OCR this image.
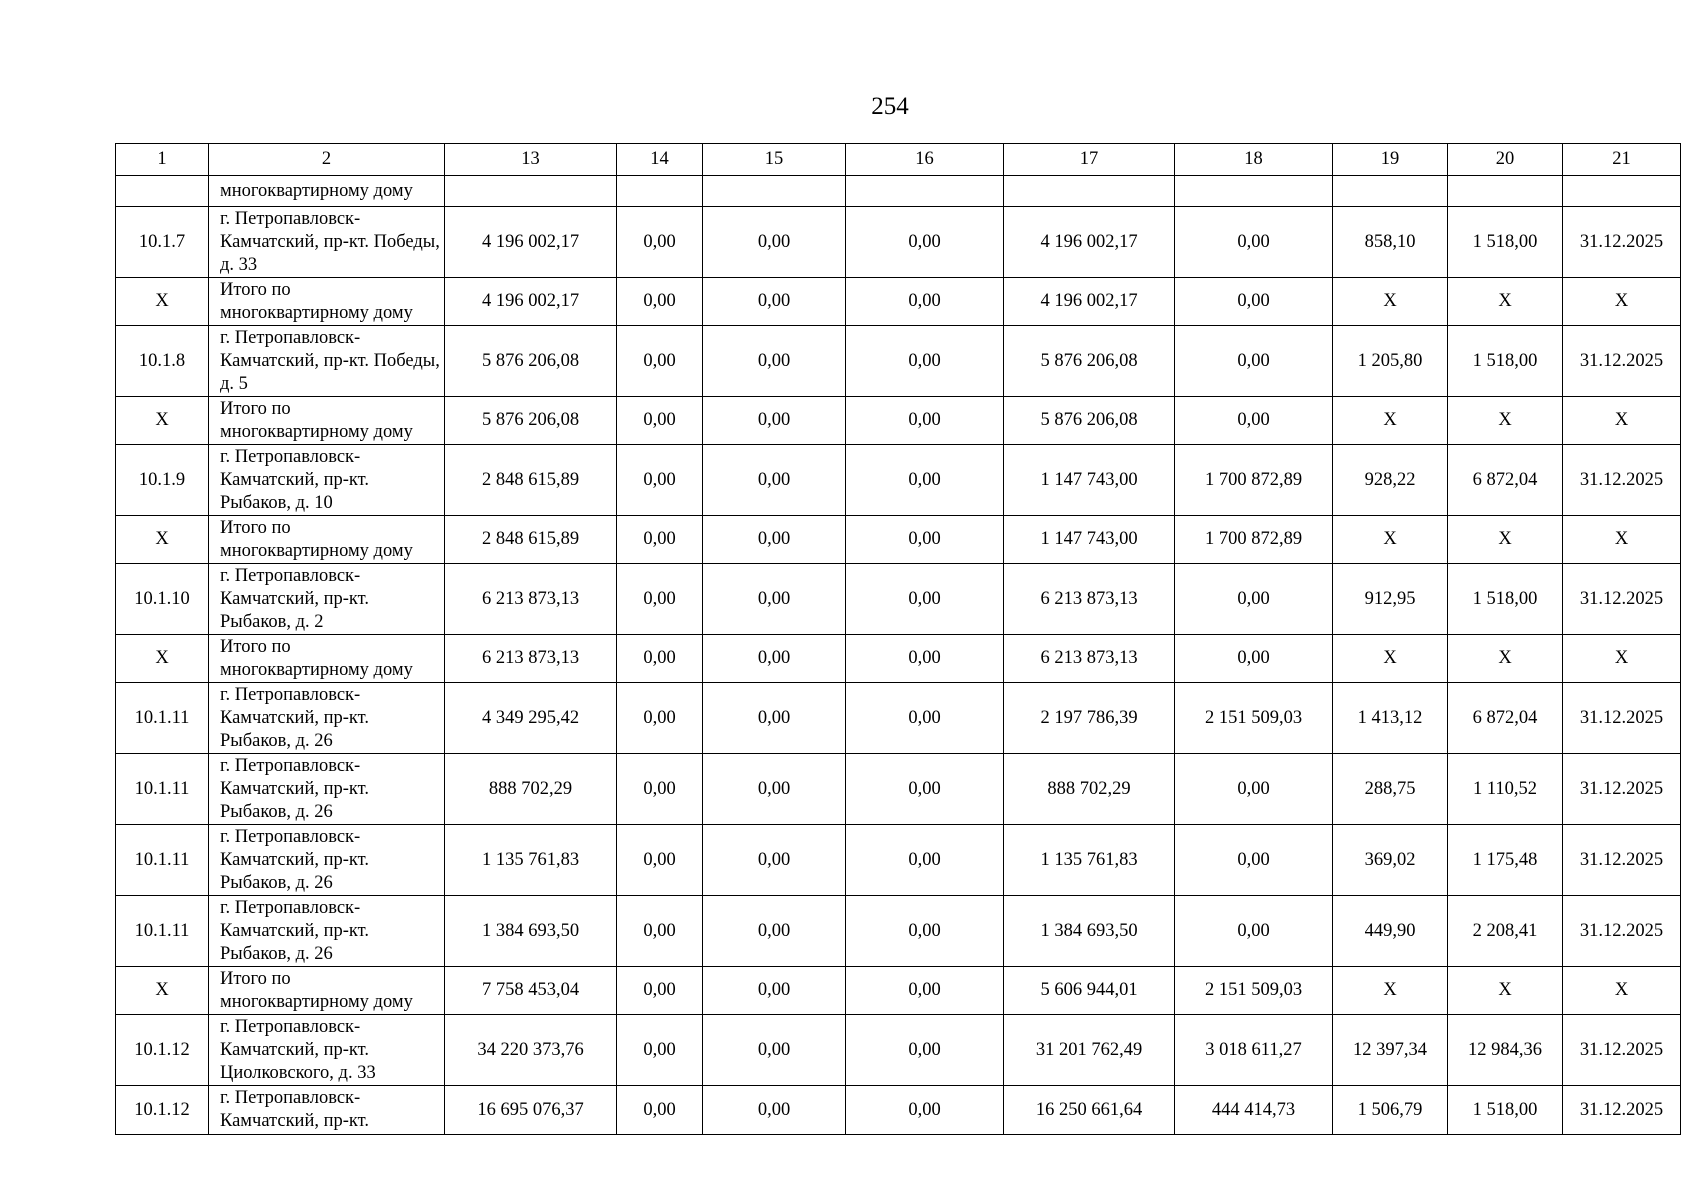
254
1	2	13	14	15	16	17	18	19	20	21
	многоквартирному дому									
10.1.7	г. Петропавловск-Камчатский, пр-кт. Победы, д. 33	4 196 002,17	0,00	0,00	0,00	4 196 002,17	0,00	858,10	1 518,00	31.12.2025
X	Итого по многоквартирному дому	4 196 002,17	0,00	0,00	0,00	4 196 002,17	0,00	X	X	X
10.1.8	г. Петропавловск-Камчатский, пр-кт. Победы, д. 5	5 876 206,08	0,00	0,00	0,00	5 876 206,08	0,00	1 205,80	1 518,00	31.12.2025
X	Итого по многоквартирному дому	5 876 206,08	0,00	0,00	0,00	5 876 206,08	0,00	X	X	X
10.1.9	г. Петропавловск-Камчатский, пр-кт. Рыбаков, д. 10	2 848 615,89	0,00	0,00	0,00	1 147 743,00	1 700 872,89	928,22	6 872,04	31.12.2025
X	Итого по многоквартирному дому	2 848 615,89	0,00	0,00	0,00	1 147 743,00	1 700 872,89	X	X	X
10.1.10	г. Петропавловск-Камчатский, пр-кт. Рыбаков, д. 2	6 213 873,13	0,00	0,00	0,00	6 213 873,13	0,00	912,95	1 518,00	31.12.2025
X	Итого по многоквартирному дому	6 213 873,13	0,00	0,00	0,00	6 213 873,13	0,00	X	X	X
10.1.11	г. Петропавловск-Камчатский, пр-кт. Рыбаков, д. 26	4 349 295,42	0,00	0,00	0,00	2 197 786,39	2 151 509,03	1 413,12	6 872,04	31.12.2025
10.1.11	г. Петропавловск-Камчатский, пр-кт. Рыбаков, д. 26	888 702,29	0,00	0,00	0,00	888 702,29	0,00	288,75	1 110,52	31.12.2025
10.1.11	г. Петропавловск-Камчатский, пр-кт. Рыбаков, д. 26	1 135 761,83	0,00	0,00	0,00	1 135 761,83	0,00	369,02	1 175,48	31.12.2025
10.1.11	г. Петропавловск-Камчатский, пр-кт. Рыбаков, д. 26	1 384 693,50	0,00	0,00	0,00	1 384 693,50	0,00	449,90	2 208,41	31.12.2025
X	Итого по многоквартирному дому	7 758 453,04	0,00	0,00	0,00	5 606 944,01	2 151 509,03	X	X	X
10.1.12	г. Петропавловск-Камчатский, пр-кт. Циолковского, д. 33	34 220 373,76	0,00	0,00	0,00	31 201 762,49	3 018 611,27	12 397,34	12 984,36	31.12.2025
10.1.12	г. Петропавловск-Камчатский, пр-кт.	16 695 076,37	0,00	0,00	0,00	16 250 661,64	444 414,73	1 506,79	1 518,00	31.12.2025
